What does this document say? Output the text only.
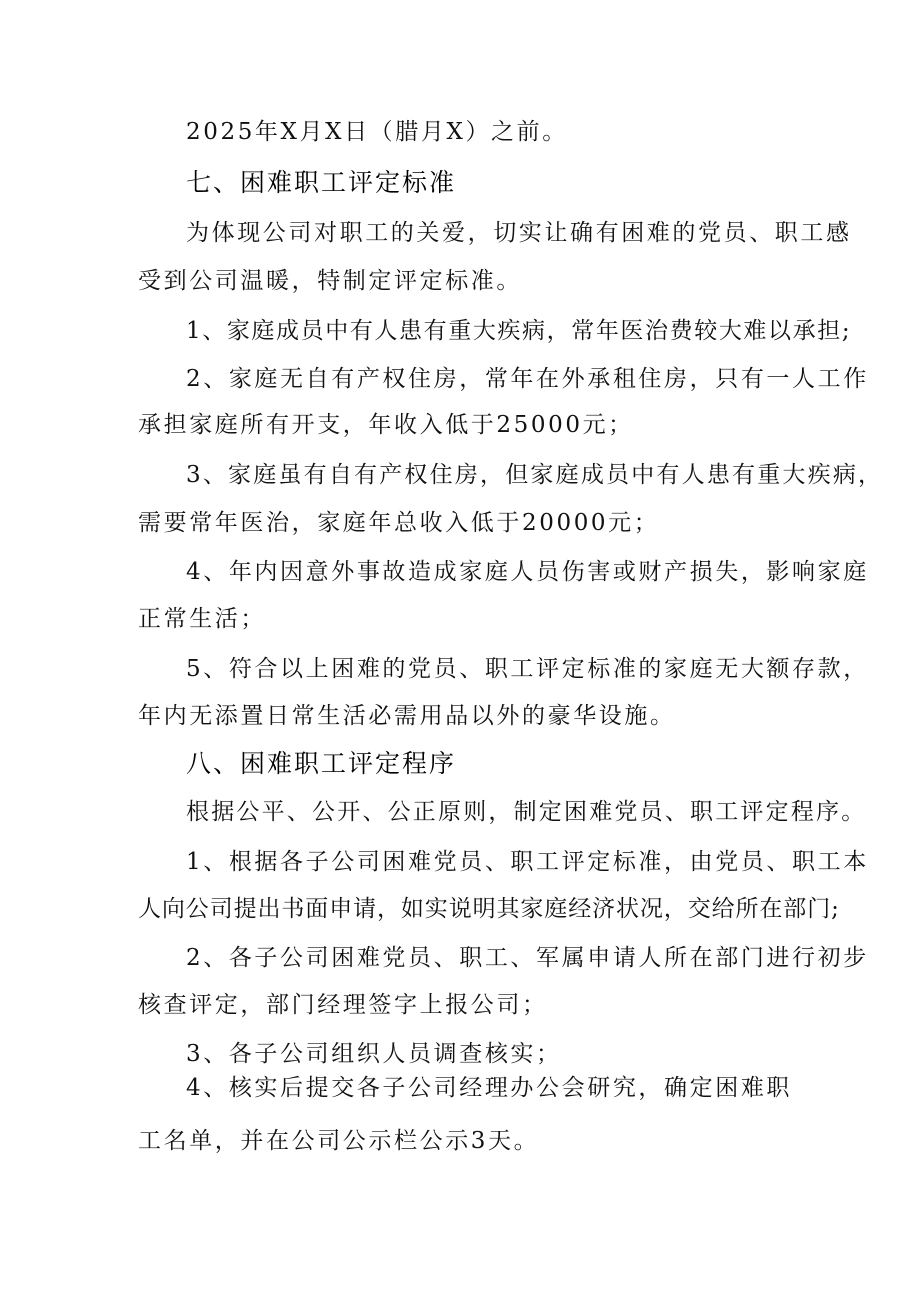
2025年X月X日（腊月X）之前。
七、困难职工评定标准
为体现公司对职工的关爱，切实让确有困难的党员、职工感
受到公司温暖，特制定评定标准。
1、家庭成员中有人患有重大疾病，常年医治费较大难以承担;
2、家庭无自有产权住房，常年在外承租住房，只有一人工作
承担家庭所有开支，年收入低于25000元；
3、家庭虽有自有产权住房，但家庭成员中有人患有重大疾病，
需要常年医治，家庭年总收入低于20000元；
4、年内因意外事故造成家庭人员伤害或财产损失，影响家庭
正常生活；
5、符合以上困难的党员、职工评定标准的家庭无大额存款，
年内无添置日常生活必需用品以外的豪华设施。
八、困难职工评定程序
根据公平、公开、公正原则，制定困难党员、职工评定程序。
1、根据各子公司困难党员、职工评定标准，由党员、职工本
人向公司提出书面申请，如实说明其家庭经济状况，交给所在部门;
2、各子公司困难党员、职工、军属申请人所在部门进行初步
核查评定，部门经理签字上报公司；
3、各子公司组织人员调查核实；
4、核实后提交各子公司经理办公会研究，确定困难职
工名单，并在公司公示栏公示3天。
